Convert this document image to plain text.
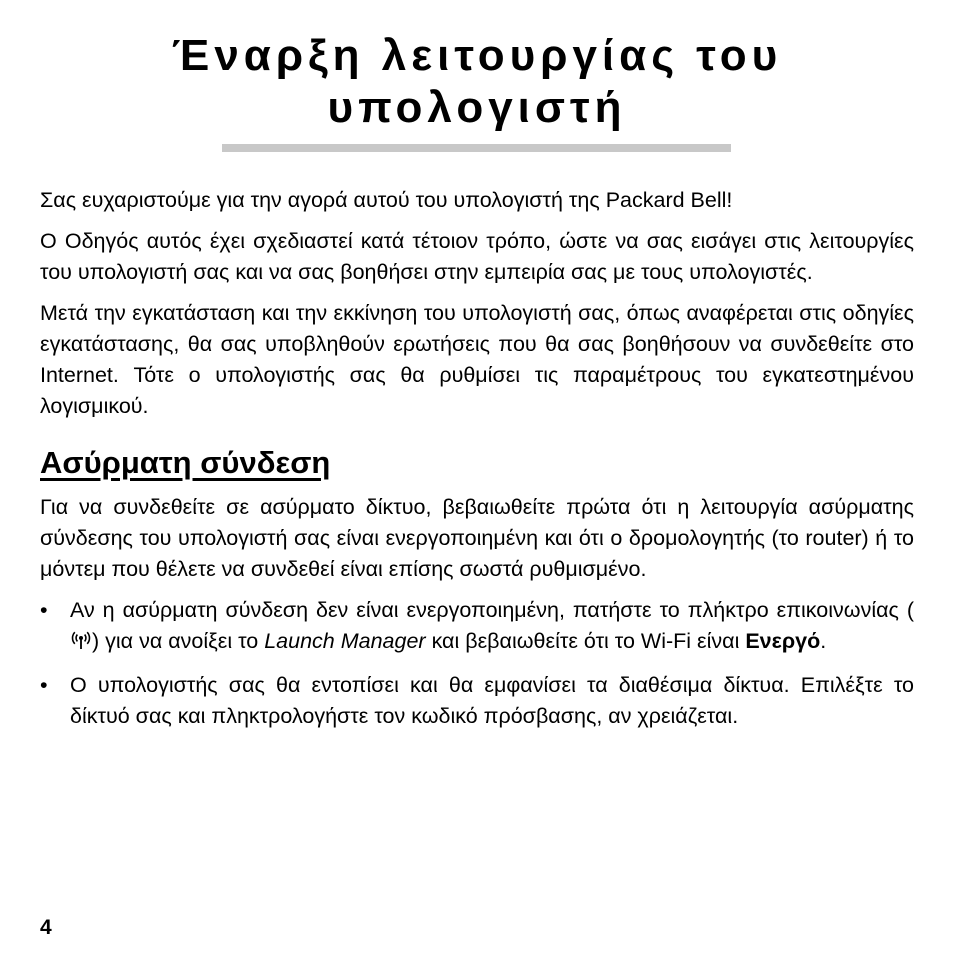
Έναρξη λειτουργίας του
υπολογιστή

Σας ευχαριστούμε για την αγορά αυτού του υπολογιστή της Packard Bell!

Ο Οδηγός αυτός έχει σχεδιαστεί κατά τέτοιον τρόπο, ώστε να σας εισάγει στις λειτουργίες του υπολογιστή σας και να σας βοηθήσει στην εμπειρία σας με τους υπολογιστές.

Μετά την εγκατάσταση και την εκκίνηση του υπολογιστή σας, όπως αναφέρεται στις οδηγίες εγκατάστασης, θα σας υποβληθούν ερωτήσεις που θα σας βοηθήσουν να συνδεθείτε στο Internet. Τότε ο υπολογιστής σας θα ρυθμίσει τις παραμέτρους του εγκατεστημένου λογισμικού.

Ασύρματη σύνδεση

Για να συνδεθείτε σε ασύρματο δίκτυο, βεβαιωθείτε πρώτα ότι η λειτουργία ασύρματης σύνδεσης του υπολογιστή σας είναι ενεργοποιημένη και ότι ο δρομολογητής (το router) ή το μόντεμ που θέλετε να συνδεθεί είναι επίσης σωστά ρυθμισμένο.

• Αν η ασύρματη σύνδεση δεν είναι ενεργοποιημένη, πατήστε το πλήκτρο επικοινωνίας () για να ανοίξει το Launch Manager και βεβαιωθείτε ότι το Wi-Fi είναι Ενεργό.
• Ο υπολογιστής σας θα εντοπίσει και θα εμφανίσει τα διαθέσιμα δίκτυα. Επιλέξτε το δίκτυό σας και πληκτρολογήστε τον κωδικό πρόσβασης, αν χρειάζεται.
4
